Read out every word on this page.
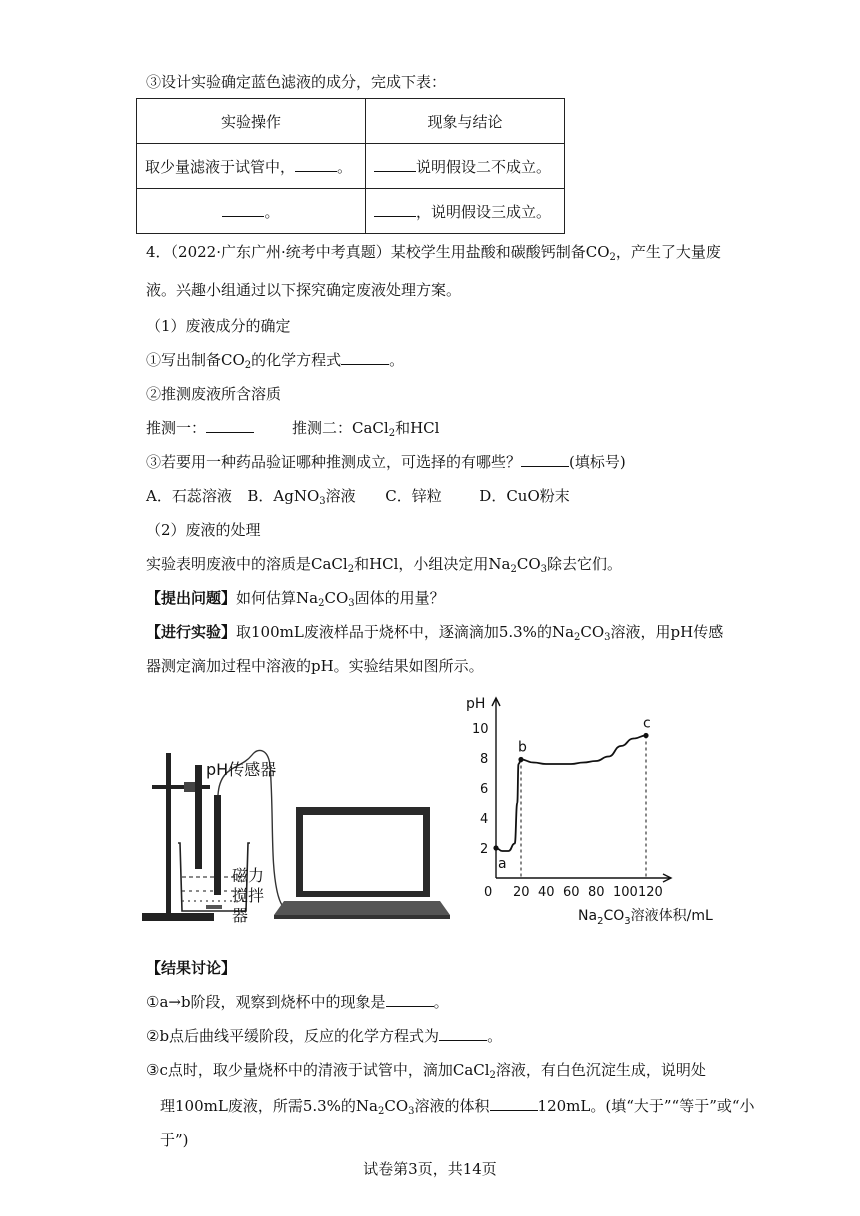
③设计实验确定蓝色滤液的成分，完成下表：
实验操作	现象与结论
取少量滤液于试管中， 。	说明假设二不成立。
。	，说明假设三成立。
4．（2022·广东广州·统考中考真题）某校学生用盐酸和碳酸钙制备$CO_2$，产生了大量废
液。兴趣小组通过以下探究确定废液处理方案。
（1）废液成分的确定
①写出制备$CO_2$的化学方程式	。
②推测废液所含溶质
推测一：	推测二：CaCl$_2$和HCl
③若要用一种药品验证哪种推测成立，可选择的有哪些？	(填标号)
A．石蕊溶液 B．AgNO$_3$溶液 C．锌粒	D．CuO粉末
（2）废液的处理
实验表明废液中的溶质是CaCl$_2$和HCl，小组决定用$Na_2CO_3$除去它们。
【提出问题】如何估算$Na_2CO_3$固体的用量？
【进行实验】取100mL废液样品于烧杯中，逐滴滴加5.3%的$Na_2CO_3$溶液，用pH传感
器测定滴加过程中溶液的pH。实验结果如图所示。
pH传感器
磁力
搅拌
器
0 20 40 60 80 100 120
2
4
6
8
10
a
b
c
pH
$Na_2CO_3$溶液体积/mL
【结果讨论】
①a→b阶段，观察到烧杯中的现象是	。
②b点后曲线平缓阶段，反应的化学方程式为	。
③c点时，取少量烧杯中的清液于试管中，滴加CaCl$_2$溶液，有白色沉淀生成，说明处
理100mL废液，所需5.3%的$Na_2CO_3$溶液的体积	120mL。(填“大于”“等于”或“小
于”)
试卷第3页，共14页
